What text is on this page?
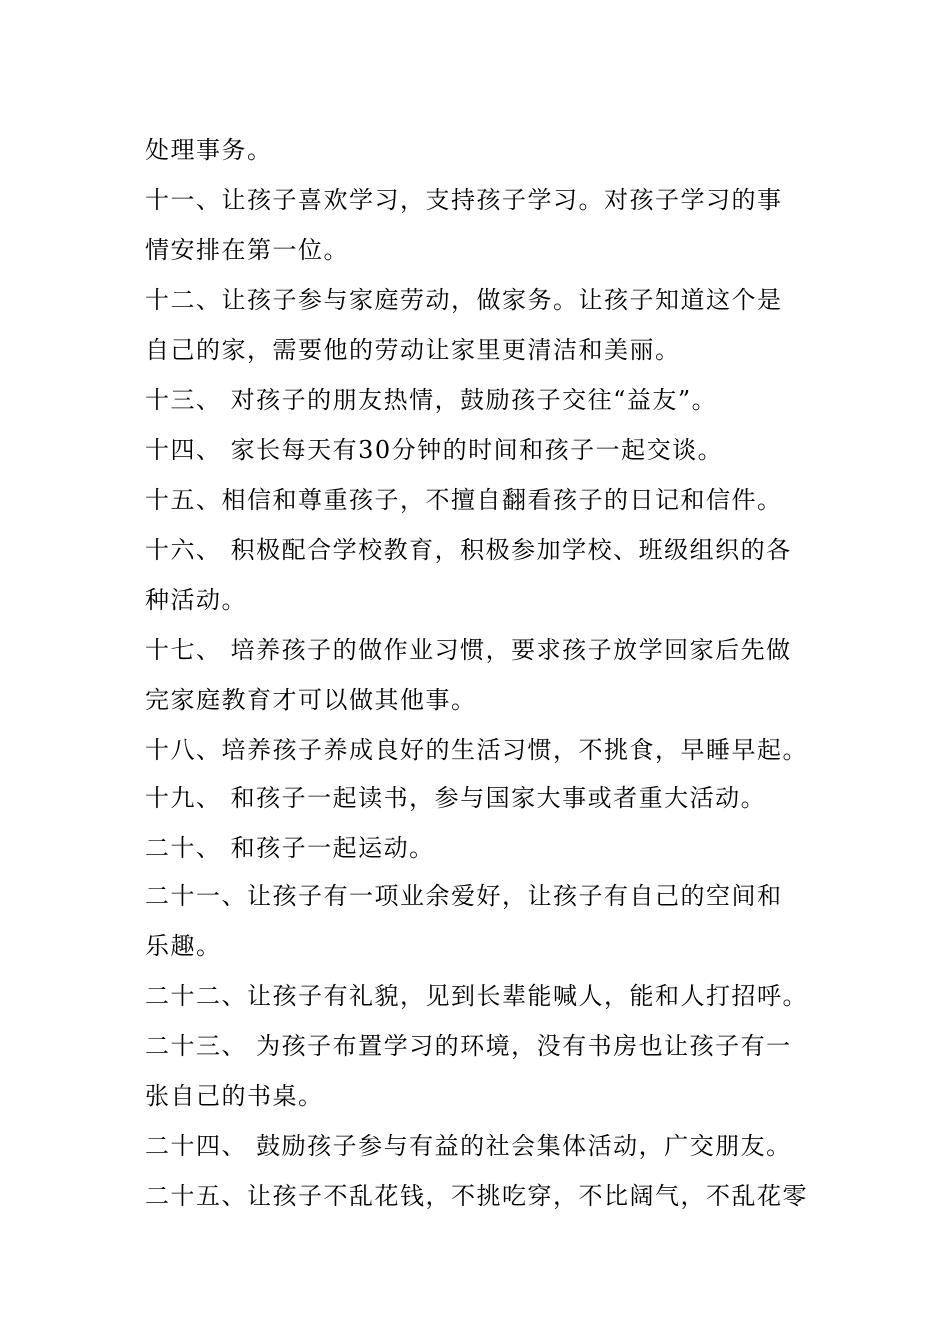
处理事务。
十一、让孩子喜欢学习，支持孩子学习。对孩子学习的事
情安排在第一位。
十二、让孩子参与家庭劳动，做家务。让孩子知道这个是
自己的家，需要他的劳动让家里更清洁和美丽。
十三、 对孩子的朋友热情，鼓励孩子交往“益友”。
十四、 家长每天有30分钟的时间和孩子一起交谈。
十五、相信和尊重孩子，不擅自翻看孩子的日记和信件。
十六、 积极配合学校教育，积极参加学校、班级组织的各
种活动。
十七、 培养孩子的做作业习惯，要求孩子放学回家后先做
完家庭教育才可以做其他事。
十八、培养孩子养成良好的生活习惯，不挑食，早睡早起。
十九、 和孩子一起读书，参与国家大事或者重大活动。
二十、 和孩子一起运动。
二十一、让孩子有一项业余爱好，让孩子有自己的空间和
乐趣。
二十二、让孩子有礼貌，见到长辈能喊人，能和人打招呼。
二十三、 为孩子布置学习的环境，没有书房也让孩子有一
张自己的书桌。
二十四、 鼓励孩子参与有益的社会集体活动，广交朋友。
二十五、让孩子不乱花钱，不挑吃穿，不比阔气，不乱花零
